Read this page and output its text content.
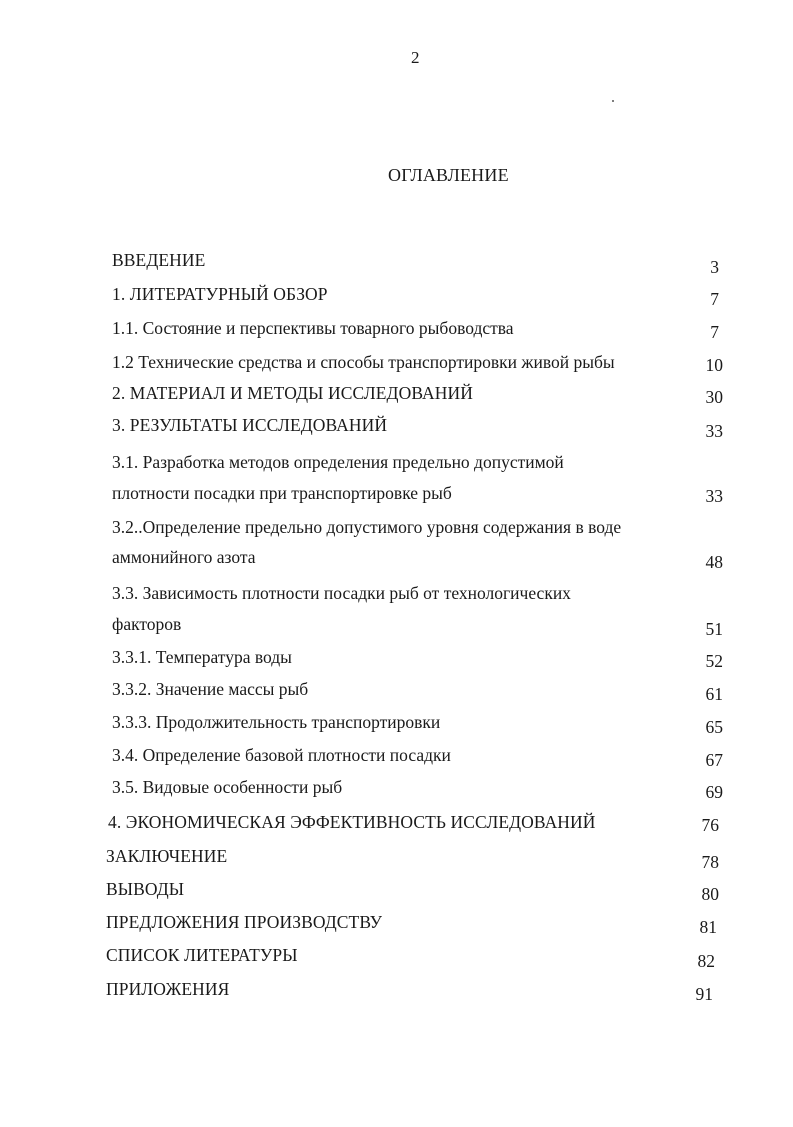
2
ОГЛАВЛЕНИЕ
ВВЕДЕНИЕ	3
1. ЛИТЕРАТУРНЫЙ ОБЗОР	7
1.1. Состояние и перспективы товарного рыбоводства	7
1.2 Технические средства и способы транспортировки живой рыбы	10
2. МАТЕРИАЛ И МЕТОДЫ ИССЛЕДОВАНИЙ	30
3. РЕЗУЛЬТАТЫ ИССЛЕДОВАНИЙ	33
3.1. Разработка методов определения предельно допустимой
плотности посадки при транспортировке рыб	33
3.2..Определение предельно допустимого уровня содержания в воде
аммонийного азота	48
3.3. Зависимость плотности посадки рыб от технологических
факторов	51
3.3.1. Температура воды	52
3.3.2. Значение массы рыб	61
3.3.3. Продолжительность транспортировки	65
3.4. Определение базовой плотности посадки	67
3.5. Видовые особенности рыб	69
4. ЭКОНОМИЧЕСКАЯ ЭФФЕКТИВНОСТЬ ИССЛЕДОВАНИЙ	76
ЗАКЛЮЧЕНИЕ	78
ВЫВОДЫ	80
ПРЕДЛОЖЕНИЯ ПРОИЗВОДСТВУ	81
СПИСОК ЛИТЕРАТУРЫ	82
ПРИЛОЖЕНИЯ	91
